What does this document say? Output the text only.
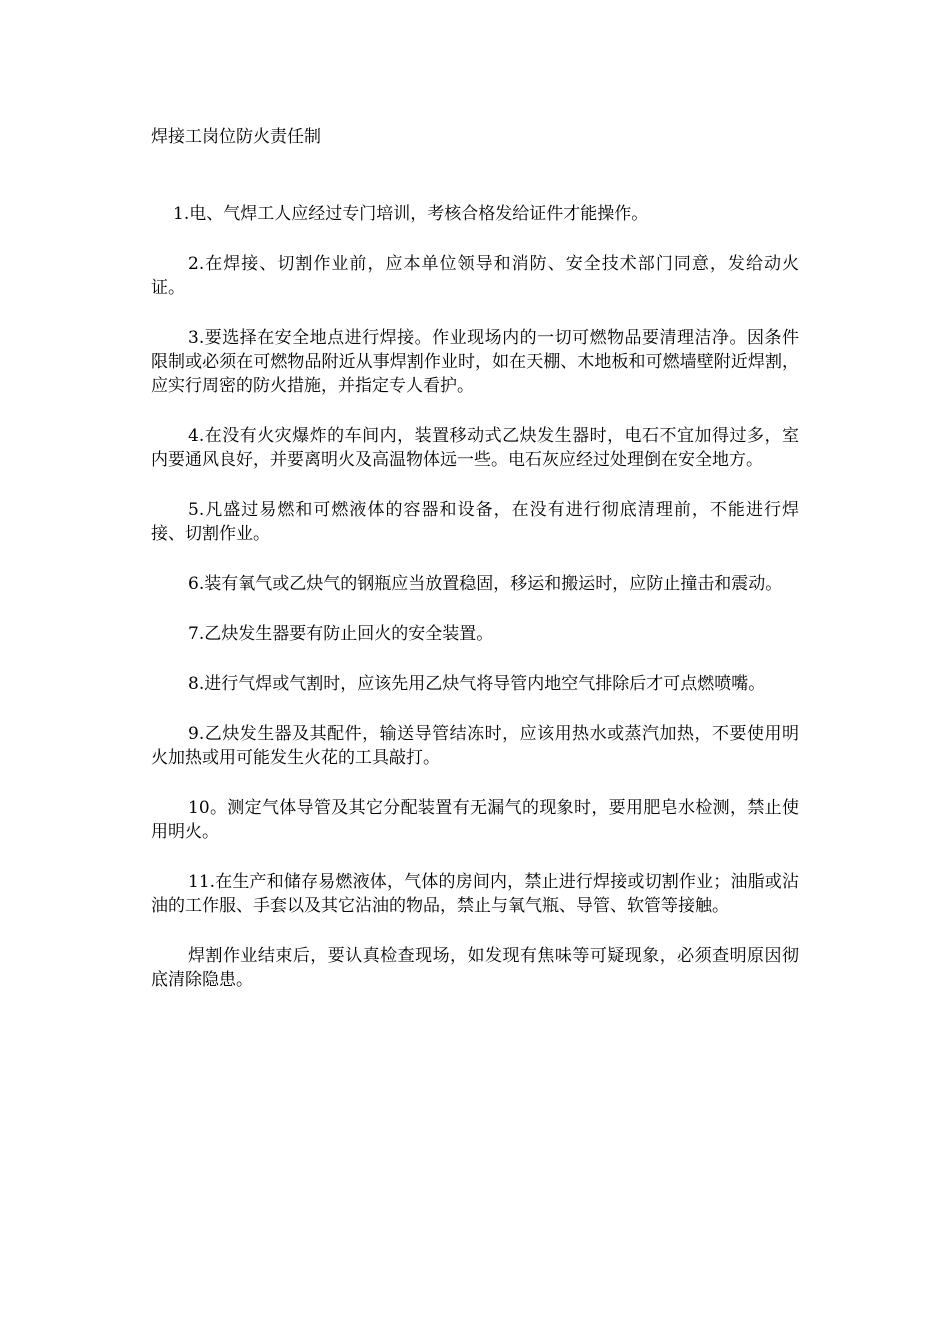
焊接工岗位防火责任制

1.电、气焊工人应经过专门培训，考核合格发给证件才能操作。

2.在焊接、切割作业前，应本单位领导和消防、安全技术部门同意，发给动火证。

3.要选择在安全地点进行焊接。作业现场内的一切可燃物品要清理洁净。因条件限制或必须在可燃物品附近从事焊割作业时，如在天棚、木地板和可燃墙壁附近焊割，应实行周密的防火措施，并指定专人看护。

4.在没有火灾爆炸的车间内，装置移动式乙炔发生器时，电石不宜加得过多，室内要通风良好，并要离明火及高温物体远一些。电石灰应经过处理倒在安全地方。

5.凡盛过易燃和可燃液体的容器和设备，在没有进行彻底清理前，不能进行焊接、切割作业。

6.装有氧气或乙炔气的钢瓶应当放置稳固，移运和搬运时，应防止撞击和震动。

7.乙炔发生器要有防止回火的安全装置。

8.进行气焊或气割时，应该先用乙炔气将导管内地空气排除后才可点燃喷嘴。

9.乙炔发生器及其配件，输送导管结冻时，应该用热水或蒸汽加热，不要使用明火加热或用可能发生火花的工具敲打。

10。测定气体导管及其它分配装置有无漏气的现象时，要用肥皂水检测，禁止使用明火。

11.在生产和储存易燃液体，气体的房间内，禁止进行焊接或切割作业；油脂或沾油的工作服、手套以及其它沾油的物品，禁止与氧气瓶、导管、软管等接触。

焊割作业结束后，要认真检查现场，如发现有焦味等可疑现象，必须查明原因彻底清除隐患。
